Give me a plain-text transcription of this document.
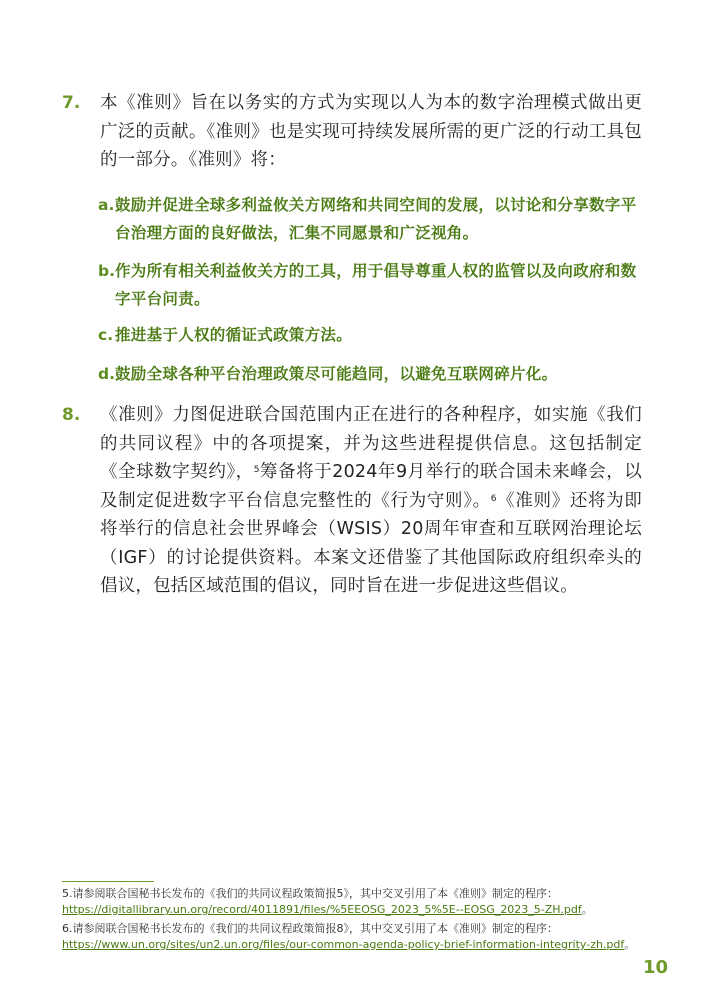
7. 本《准则》旨在以务实的方式为实现以人为本的数字治理模式做出更广泛的贡献。《准则》也是实现可持续发展所需的更广泛的行动工具包的一部分。《准则》将：
a. 鼓励并促进全球多利益攸关方网络和共同空间的发展，以讨论和分享数字平台治理方面的良好做法，汇集不同愿景和广泛视角。
b. 作为所有相关利益攸关方的工具，用于倡导尊重人权的监管以及向政府和数字平台问责。
c. 推进基于人权的循证式政策方法。
d. 鼓励全球各种平台治理政策尽可能趋同，以避免互联网碎片化。
8. 《准则》力图促进联合国范围内正在进行的各种程序，如实施《我们的共同议程》中的各项提案，并为这些进程提供信息。这包括制定《全球数字契约》，$^5$筹备将于2024年9月举行的联合国未来峰会，以及制定促进数字平台信息完整性的《行为守则》。$^6$《准则》还将为即将举行的信息社会世界峰会（WSIS）20周年审查和互联网治理论坛（IGF）的讨论提供资料。本案文还借鉴了其他国际政府组织牵头的倡议，包括区域范围的倡议，同时旨在进一步促进这些倡议。
5.请参阅联合国秘书长发布的《我们的共同议程政策简报5》，其中交叉引用了本《准则》制定的程序：https://digitallibrary.un.org/record/4011891/files/%5EEOSG_2023_5%5E--EOSG_2023_5-ZH.pdf。
6.请参阅联合国秘书长发布的《我们的共同议程政策简报8》，其中交叉引用了本《准则》制定的程序：https://www.un.org/sites/un2.un.org/files/our-common-agenda-policy-brief-information-integrity-zh.pdf。
10
